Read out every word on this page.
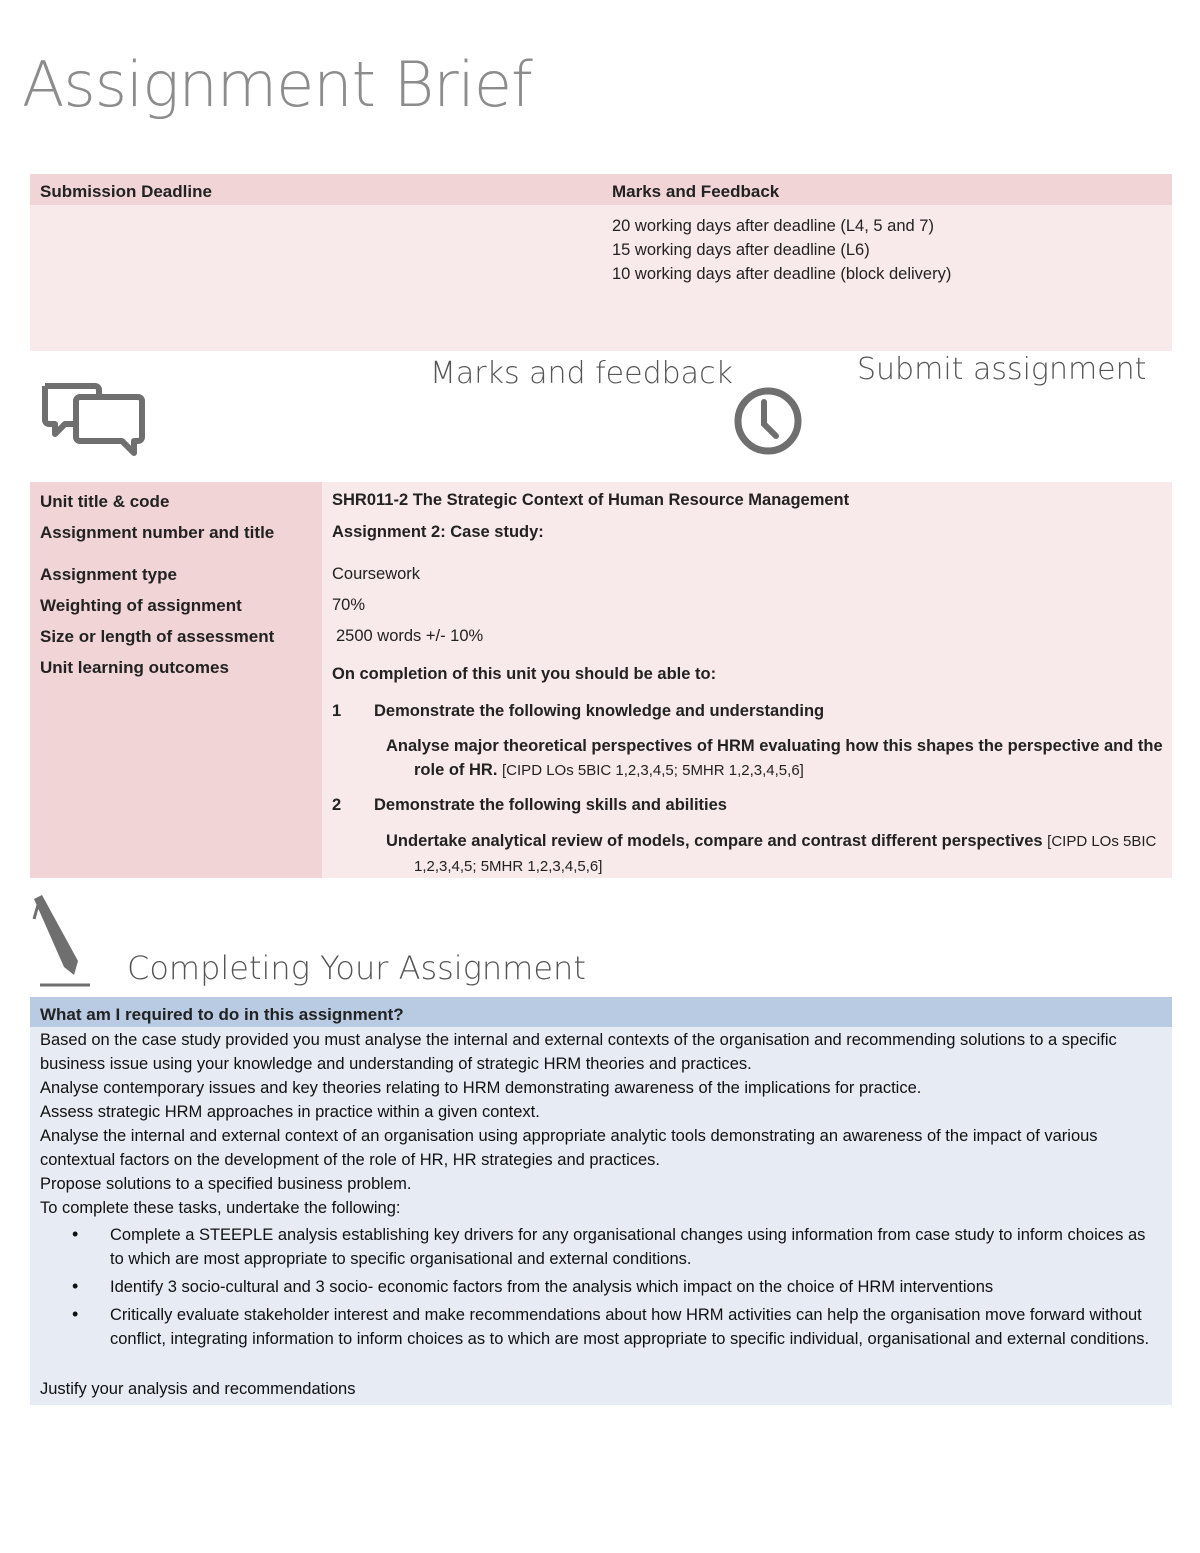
Assignment Brief
Submission Deadline	Marks and Feedback
20 working days after deadline (L4, 5 and 7)
15 working days after deadline (L6)
10 working days after deadline (block delivery)
Marks and feedback	Submit assignment
Unit title & code
Assignment number and title
Assignment type
Weighting of assignment
Size or length of assessment
Unit learning outcomes
SHR011-2 The Strategic Context of Human Resource Management
Assignment 2: Case study:
Coursework
70%
2500 words +/- 10%
On completion of this unit you should be able to:
1 Demonstrate the following knowledge and understanding
Analyse major theoretical perspectives of HRM evaluating how this shapes the perspective and the role of HR. [CIPD LOs 5BIC 1,2,3,4,5; 5MHR 1,2,3,4,5,6]
2 Demonstrate the following skills and abilities
Undertake analytical review of models, compare and contrast different perspectives [CIPD LOs 5BIC 1,2,3,4,5; 5MHR 1,2,3,4,5,6]
Completing Your Assignment
What am I required to do in this assignment?
Based on the case study provided you must analyse the internal and external contexts of the organisation and recommending solutions to a specific business issue using your knowledge and understanding of strategic HRM theories and practices.
Analyse contemporary issues and key theories relating to HRM demonstrating awareness of the implications for practice.
Assess strategic HRM approaches in practice within a given context.
Analyse the internal and external context of an organisation using appropriate analytic tools demonstrating an awareness of the impact of various contextual factors on the development of the role of HR, HR strategies and practices.
Propose solutions to a specified business problem.
To complete these tasks, undertake the following:
• Complete a STEEPLE analysis establishing key drivers for any organisational changes using information from case study to inform choices as to which are most appropriate to specific organisational and external conditions.
• Identify 3 socio-cultural and 3 socio- economic factors from the analysis which impact on the choice of HRM interventions
• Critically evaluate stakeholder interest and make recommendations about how HRM activities can help the organisation move forward without conflict, integrating information to inform choices as to which are most appropriate to specific individual, organisational and external conditions.
Justify your analysis and recommendations
